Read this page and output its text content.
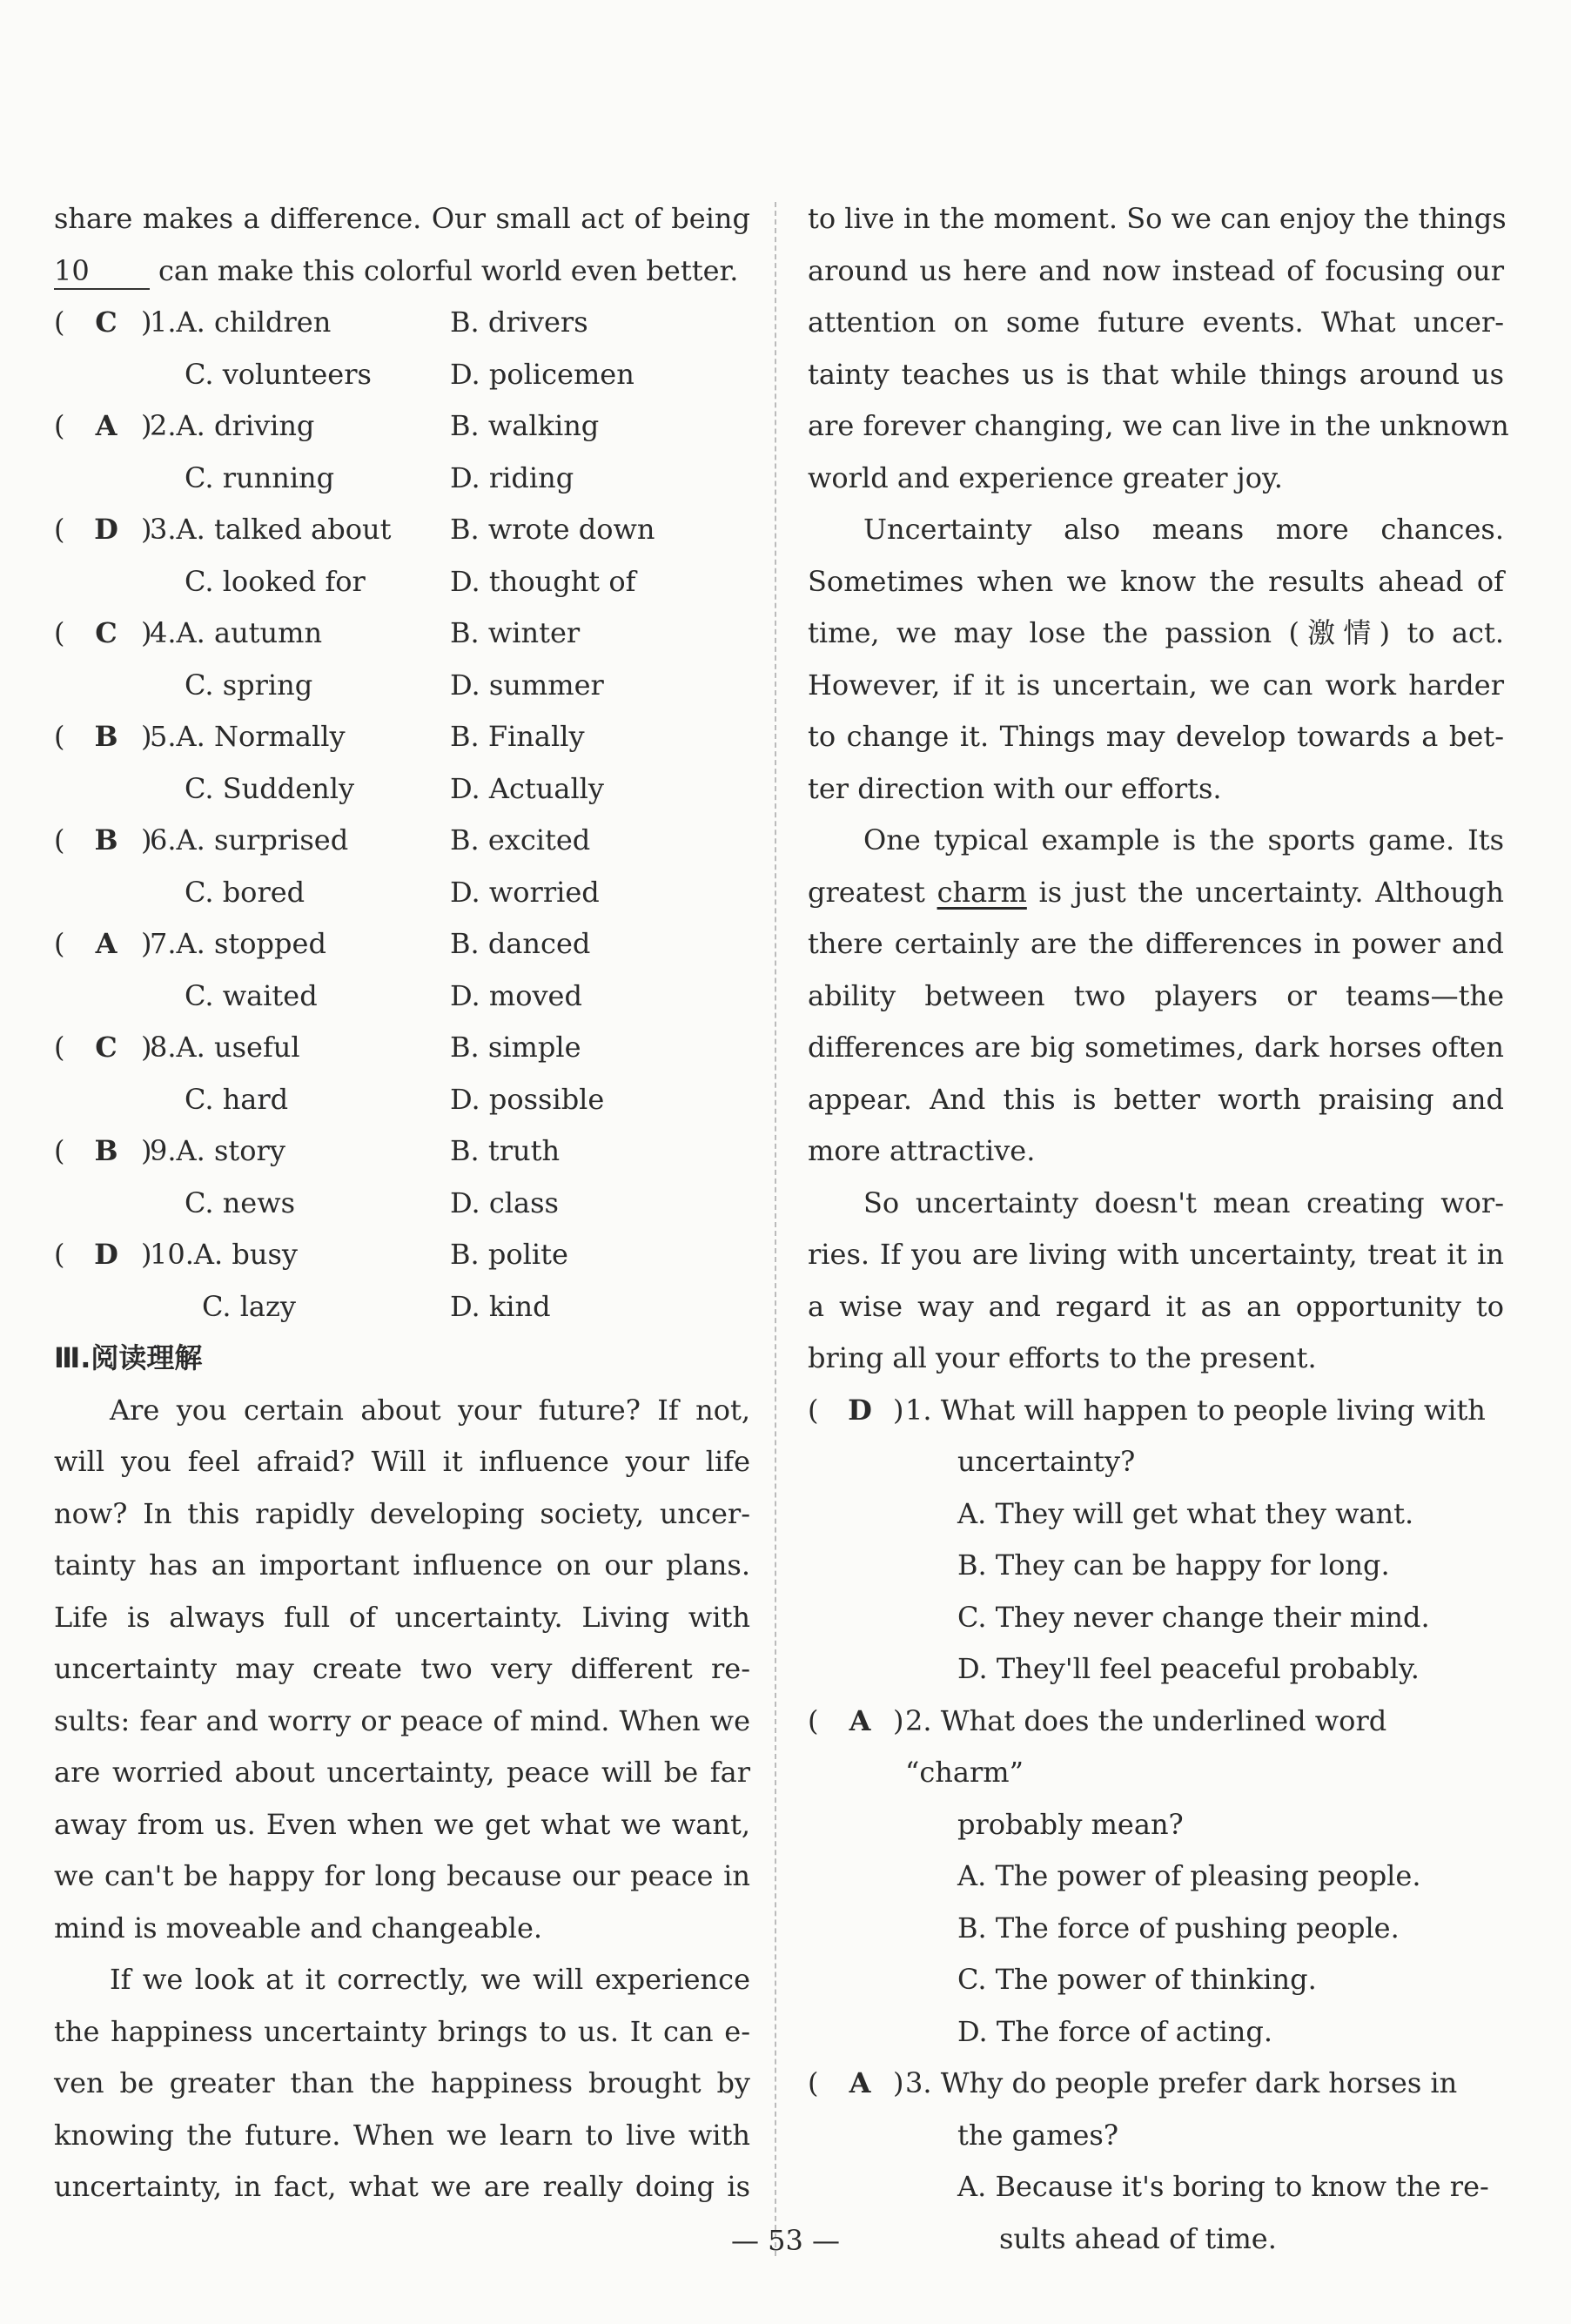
share makes a difference. Our small act of being
10 can make this colorful world even better.
( C )
1.A. children	B. drivers
C. volunteers	D. policemen
( A )
2.A. driving	B. walking
C. running	D. riding
( D )
3.A. talked about B. wrote down
C. looked for	D. thought of
( C )
4.A. autumn	B. winter
C. spring	D. summer
( B )
5.A. Normally	B. Finally
C. Suddenly	D. Actually
( B )
6.A. surprised	B. excited
C. bored	D. worried
( A )
7.A. stopped	B. danced
C. waited	D. moved
( C )
8.A. useful	B. simple
C. hard	D. possible
( B )
9.A. story	B. truth
C. news	D. class
( D )
10.A. busy	B. polite
C. lazy	D. kind
Ⅲ.阅读理解
Are you certain about your future? If not,
will you feel afraid? Will it influence your life
now? In this rapidly developing society, uncer-
tainty has an important influence on our plans.
Life is always full of uncertainty. Living with
uncertainty may create two very different re-
sults: fear and worry or peace of mind. When we
are worried about uncertainty, peace will be far
away from us. Even when we get what we want,
we can't be happy for long because our peace in
mind is moveable and changeable.
If we look at it correctly, we will experience
the happiness uncertainty brings to us. It can e-
ven be greater than the happiness brought by
knowing the future. When we learn to live with
uncertainty, in fact, what we are really doing is
to live in the moment. So we can enjoy the things
around us here and now instead of focusing our
attention on some future events. What uncer-
tainty teaches us is that while things around us
are forever changing, we can live in the unknown
world and experience greater joy.
Uncertainty also means more chances.
Sometimes when we know the results ahead of
time, we may lose the passion (激情) to act.
However, if it is uncertain, we can work harder
to change it. Things may develop towards a bet-
ter direction with our efforts.
One typical example is the sports game. Its
greatest charm is just the uncertainty. Although
there certainly are the differences in power and
ability between two players or teams—the
differences are big sometimes, dark horses often
appear. And this is better worth praising and
more attractive.
So uncertainty doesn't mean creating wor-
ries. If you are living with uncertainty, treat it in
a wise way and regard it as an opportunity to
bring all your efforts to the present.
( D ) 1. What will happen to people living with
uncertainty?
A. They will get what they want.
B. They can be happy for long.
C. They never change their mind.
D. They'll feel peaceful probably.
( A ) 2. What does the underlined word “charm”
probably mean?
A. The power of pleasing people.
B. The force of pushing people.
C. The power of thinking.
D. The force of acting.
( A ) 3. Why do people prefer dark horses in
the games?
A. Because it's boring to know the re-
sults ahead of time.
— 53 —
